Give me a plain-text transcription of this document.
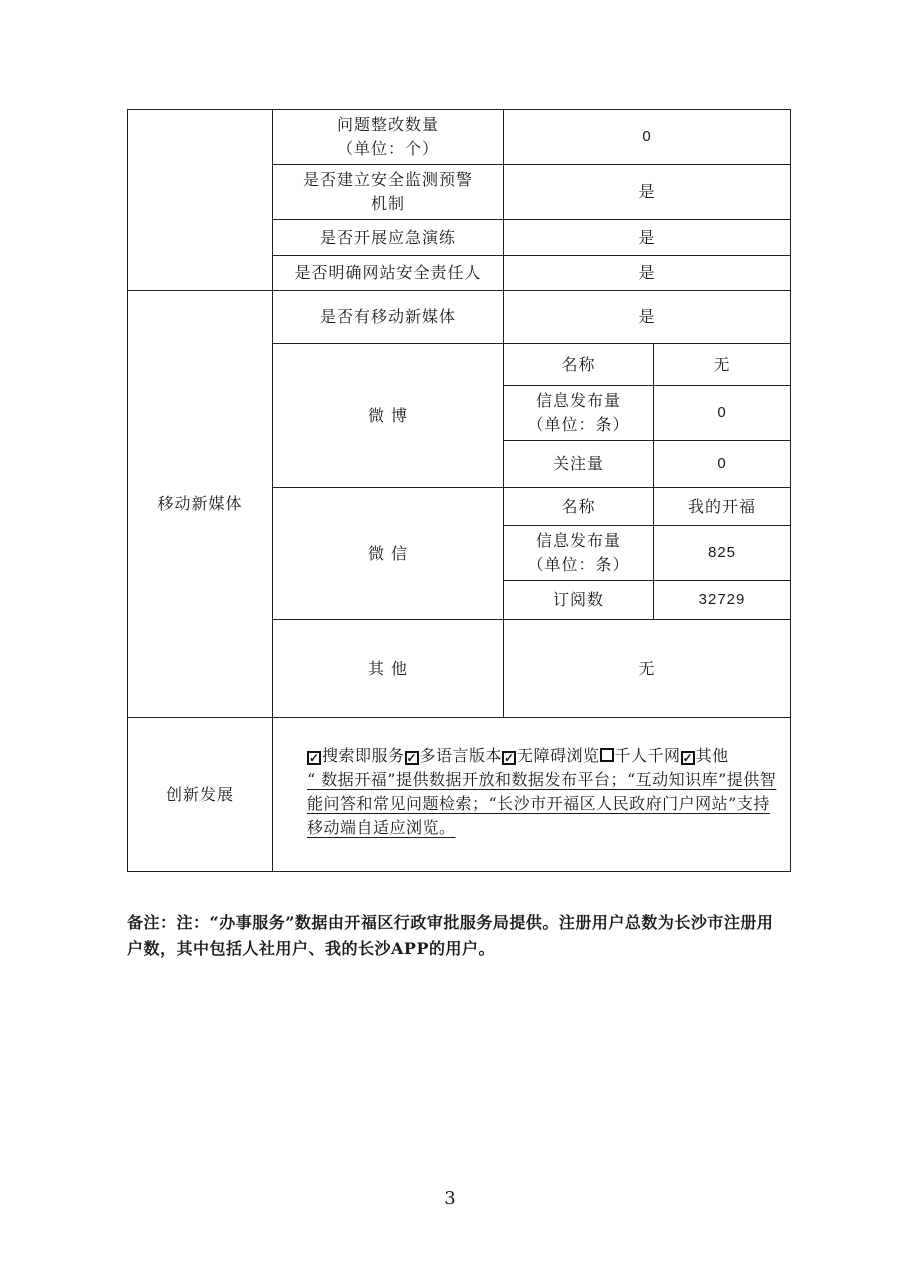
	问题整改数量
（单位：个）	0	
	是否建立安全监测预警
机制	是	
	是否开展应急演练	是	
	是否明确网站安全责任人	是	
移动新媒体	是否有移动新媒体	是	
	微 博	名称	无
		信息发布量
（单位：条）	0
		关注量	0
	微 信	名称	我的开福
		信息发布量
（单位：条）	825
		订阅数	32729
	其 他	无	
创新发展	✓ 搜索即服务 ✓ 多语言版本 ✓ 无障碍浏览 千人千网 ✓ 其他
“ 数据开福”提供数据开放和数据发布平台；“互动知识库”提供智能问答和常见问题检索；“长沙市开福区人民政府门户网站”支持移动端自适应浏览。		
备注：注：“办事服务”数据由开福区行政审批服务局提供。注册用户总数为长沙市注册用户数，其中包括人社用户、我的长沙APP的用户。
3
